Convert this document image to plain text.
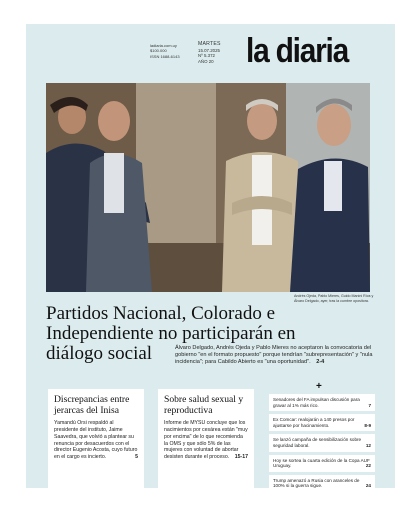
ladiaria.com.uy
$100.000
ISSN 1688-6143
MARTES
15.07.2025
Nº 5.372
AÑO 20 la diaria
Andrés Ojeda, Pablo Mieres, Guido Manini Ríos y Álvaro Delgado, ayer, tras la cumbre opositora.
Partidos Nacional, Colorado e Independiente no participarán en diálogo social	Álvaro Delgado, Andrés Ojeda y Pablo Mieres no aceptaron la convocatoria del gobierno "en el formato propuesto" porque tendrían "subrepresentación" y "nula incidencia"; para Cabildo Abierto es "una oportunidad". 2-4
Discrepancias entre jerarcas del Inisa

Yamandú Orsi respaldó al presidente del instituto, Jaime Saavedra, que volvió a plantear su renuncia por desacuerdos con el director Eugenio Acosta, cuyo futuro en el cargo es incierto.	5

Sobre salud sexual y reproductiva

Informe de MYSU concluye que los nacimientos por cesárea están "muy por encima" de lo que recomienda la OMS y que sólo 5% de las mujeres con voluntad de abortar desisten durante el proceso. 15-17

+
Senadores del FA impulsan discusión para gravar al 1% más rico.	7
Ex Comcar: realojarán a 140 presos por ajustarse por hacinamiento.	8-9
Se lanzó campaña de sensibilización sobre seguridad laboral.	12
Hoy se sortea la cuarta edición de la Copa AUF Uruguay.	22
Trump amenazó a Rusia con aranceles de 100% si la guerra sigue.	24
